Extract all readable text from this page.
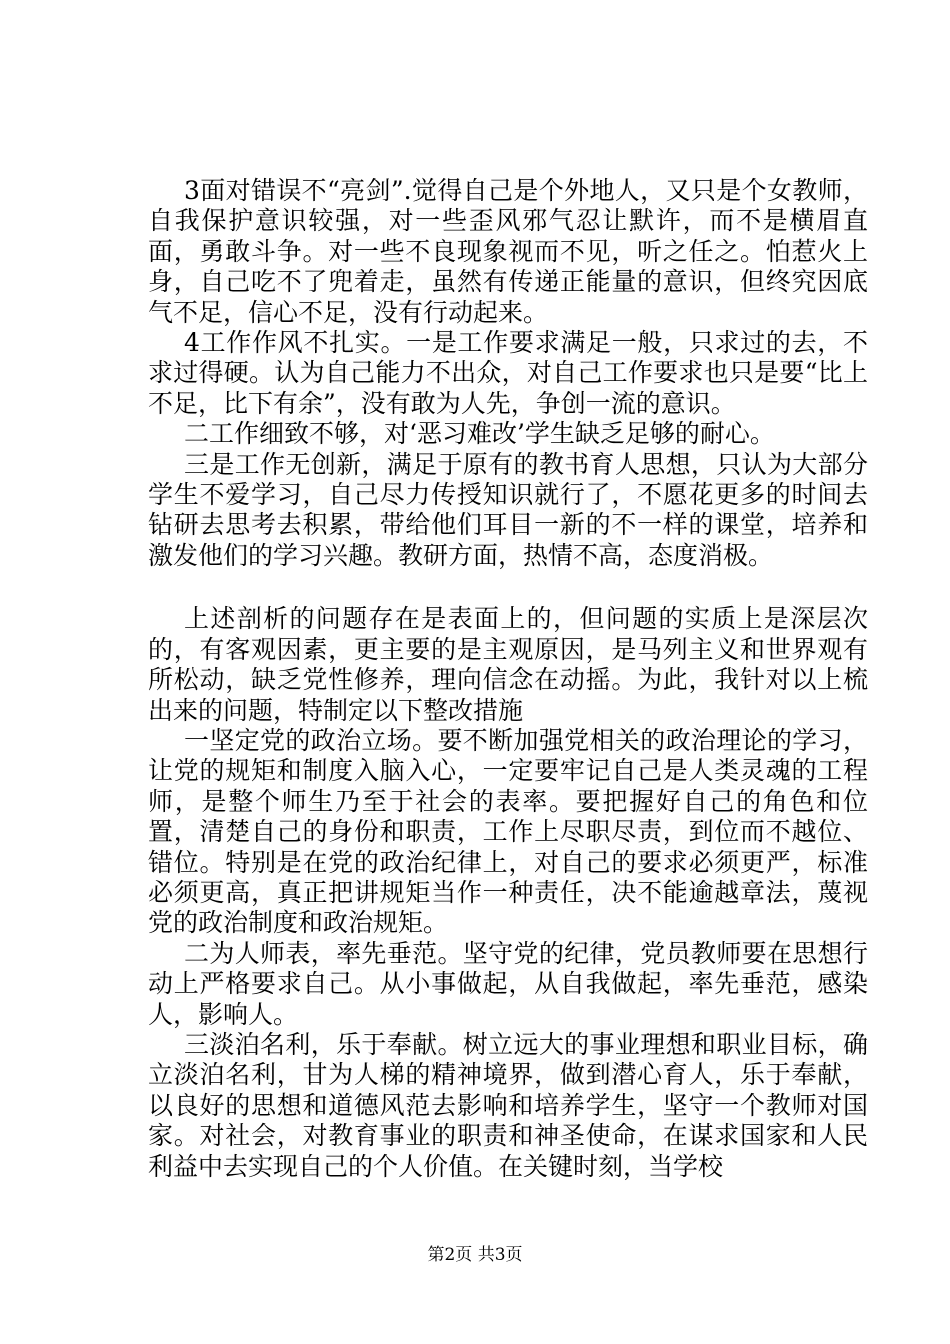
3面对错误不“亮剑”.觉得自己是个外地人，又只是个女教师，自我保护意识较强，对一些歪风邪气忍让默许，而不是横眉直面，勇敢斗争。对一些不良现象视而不见，听之任之。怕惹火上身，自己吃不了兜着走，虽然有传递正能量的意识，但终究因底气不足，信心不足，没有行动起来。

4工作作风不扎实。一是工作要求满足一般，只求过的去，不求过得硬。认为自己能力不出众，对自己工作要求也只是要“比上不足，比下有余”，没有敢为人先，争创一流的意识。

二工作细致不够，对‘恶习难改’学生缺乏足够的耐心。

三是工作无创新，满足于原有的教书育人思想，只认为大部分学生不爱学习，自己尽力传授知识就行了，不愿花更多的时间去钻研去思考去积累，带给他们耳目一新的不一样的课堂，培养和激发他们的学习兴趣。教研方面，热情不高，态度消极。

上述剖析的问题存在是表面上的，但问题的实质上是深层次的，有客观因素，更主要的是主观原因，是马列主义和世界观有所松动，缺乏党性修养，理向信念在动摇。为此，我针对以上梳出来的问题，特制定以下整改措施

一坚定党的政治立场。要不断加强党相关的政治理论的学习，让党的规矩和制度入脑入心，一定要牢记自己是人类灵魂的工程师，是整个师生乃至于社会的表率。要把握好自己的角色和位置，清楚自己的身份和职责，工作上尽职尽责，到位而不越位、错位。特别是在党的政治纪律上，对自己的要求必须更严，标准必须更高，真正把讲规矩当作一种责任，决不能逾越章法，蔑视党的政治制度和政治规矩。

二为人师表，率先垂范。坚守党的纪律，党员教师要在思想行动上严格要求自己。从小事做起，从自我做起，率先垂范，感染人，影响人。

三淡泊名利，乐于奉献。树立远大的事业理想和职业目标，确立淡泊名利，甘为人梯的精神境界，做到潜心育人，乐于奉献，以良好的思想和道德风范去影响和培养学生，坚守一个教师对国家。对社会，对教育事业的职责和神圣使命，在谋求国家和人民利益中去实现自己的个人价值。在关键时刻，当学校

第2页 共3页
